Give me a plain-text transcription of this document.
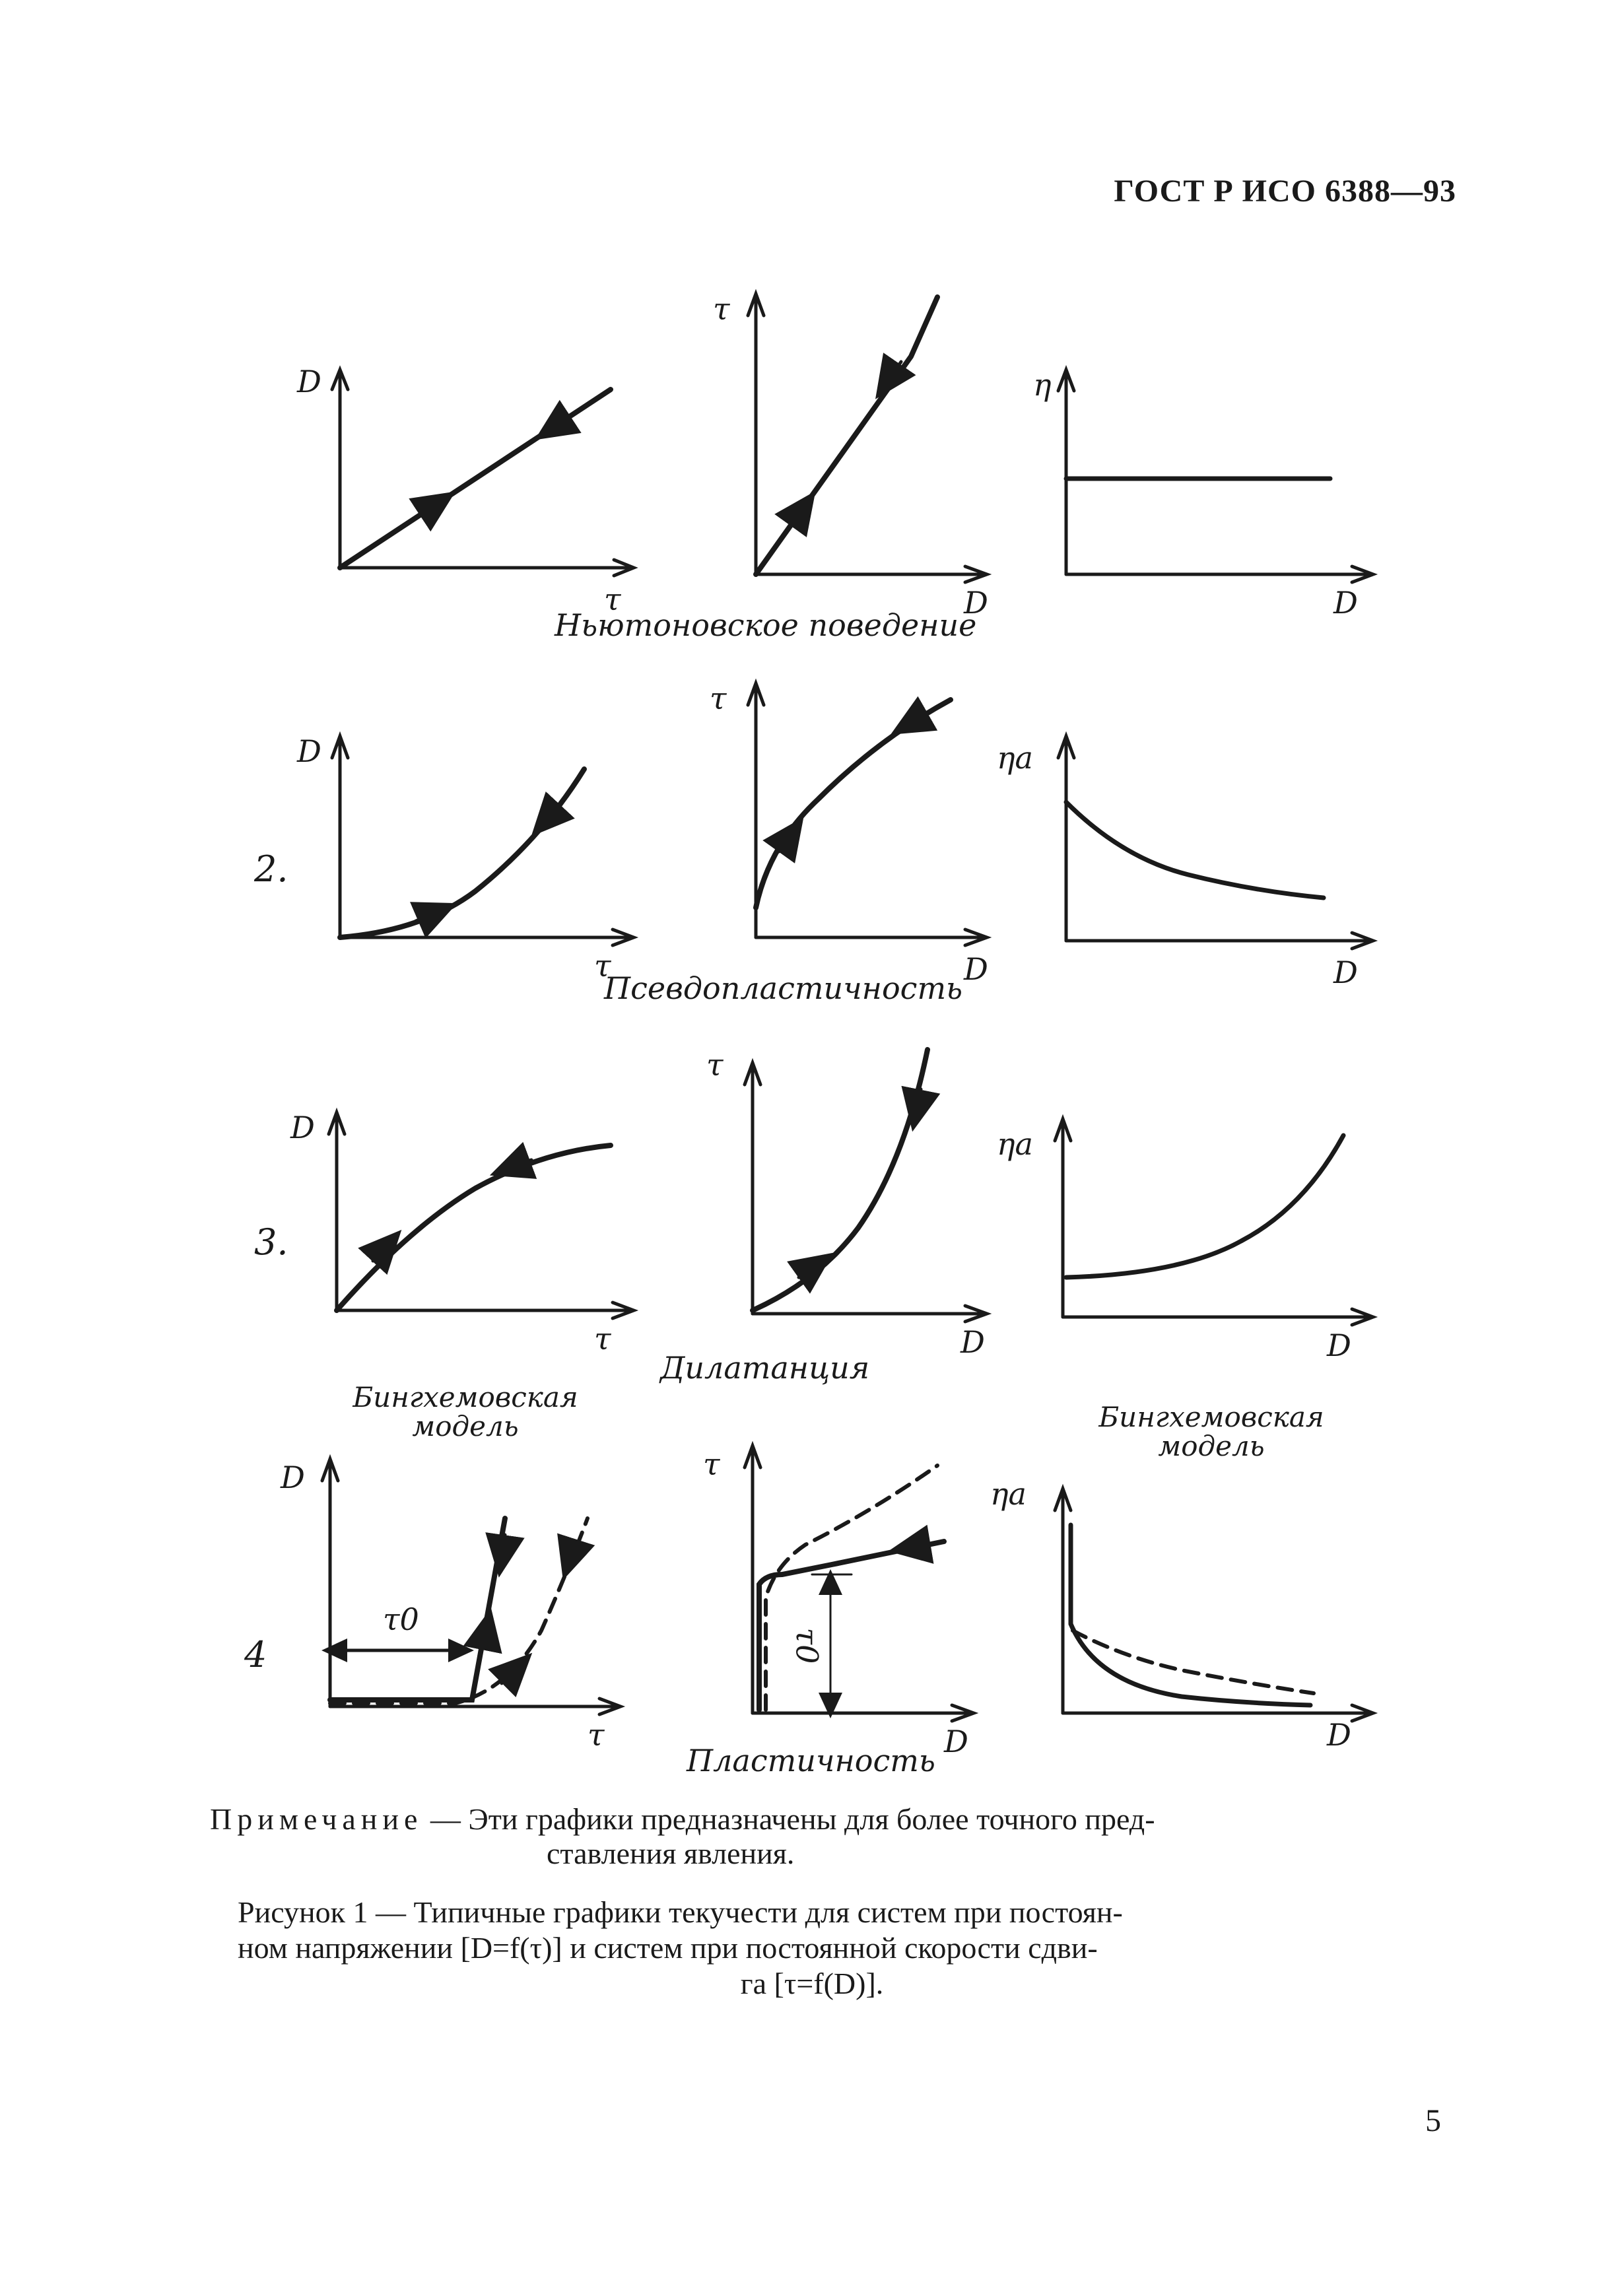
ГОСТ Р ИСО 6388—93
D
τ
τ
D
η
D
D
τ
τ
D
ηa
D
D
τ
τ
D
ηa
D
D
τ
τ
D
ηa
D
τ0
τ0
Бингхемовская модель	Бингхемовская модель
2.
3.
4
Ньютоновское поведение
Псевдопластичность
Дилатанция
Пластичность
Примечание — Эти графики предназначены для более точного пред-
ставления явления.
Рисунок 1 — Типичные графики текучести для систем при постоян-
ном напряжении [D=f(τ)] и систем при постоянной скорости сдви-
га [τ=f(D)].
5
